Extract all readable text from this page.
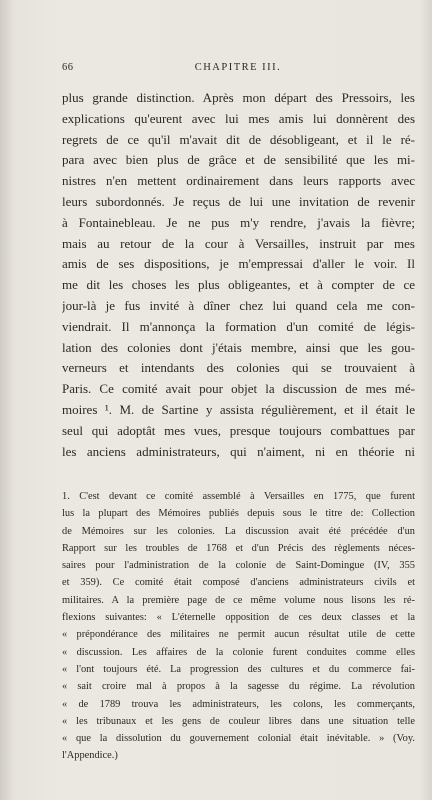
66	CHAPITRE III.
plus grande distinction. Après mon départ des Pressoirs, les
explications qu'eurent avec lui mes amis lui donnèrent des
regrets de ce qu'il m'avait dit de désobligeant, et il le ré-
para avec bien plus de grâce et de sensibilité que les mi-
nistres n'en mettent ordinairement dans leurs rapports avec
leurs subordonnés. Je reçus de lui une invitation de revenir
à Fontainebleau. Je ne pus m'y rendre, j'avais la fièvre;
mais au retour de la cour à Versailles, instruit par mes
amis de ses dispositions, je m'empressai d'aller le voir. Il
me dit les choses les plus obligeantes, et à compter de ce
jour-là je fus invité à dîner chez lui quand cela me con-
viendrait. Il m'annonça la formation d'un comité de légis-
lation des colonies dont j'étais membre, ainsi que les gou-
verneurs et intendants des colonies qui se trouvaient à
Paris. Ce comité avait pour objet la discussion de mes mé-
moires ¹. M. de Sartine y assista régulièrement, et il était le
seul qui adoptât mes vues, presque toujours combattues par
les anciens administrateurs, qui n'aiment, ni en théorie ni
1. C'est devant ce comité assemblé à Versailles en 1775, que furent
lus la plupart des Mémoires publiés depuis sous le titre de: Collection
de Mémoires sur les colonies. La discussion avait été précédée d'un
Rapport sur les troubles de 1768 et d'un Précis des règlements néces-
saires pour l'administration de la colonie de Saint-Domingue (IV, 355
et 359). Ce comité était composé d'anciens administrateurs civils et
militaires. A la première page de ce même volume nous lisons les ré-
flexions suivantes: « L'éternelle opposition de ces deux classes et la
« prépondérance des militaires ne permit aucun résultat utile de cette
« discussion. Les affaires de la colonie furent conduites comme elles
« l'ont toujours été. La progression des cultures et du commerce fai-
« sait croire mal à propos à la sagesse du régime. La révolution
« de 1789 trouva les administrateurs, les colons, les commerçants,
« les tribunaux et les gens de couleur libres dans une situation telle
« que la dissolution du gouvernement colonial était inévitable. » (Voy.
l'Appendice.)
